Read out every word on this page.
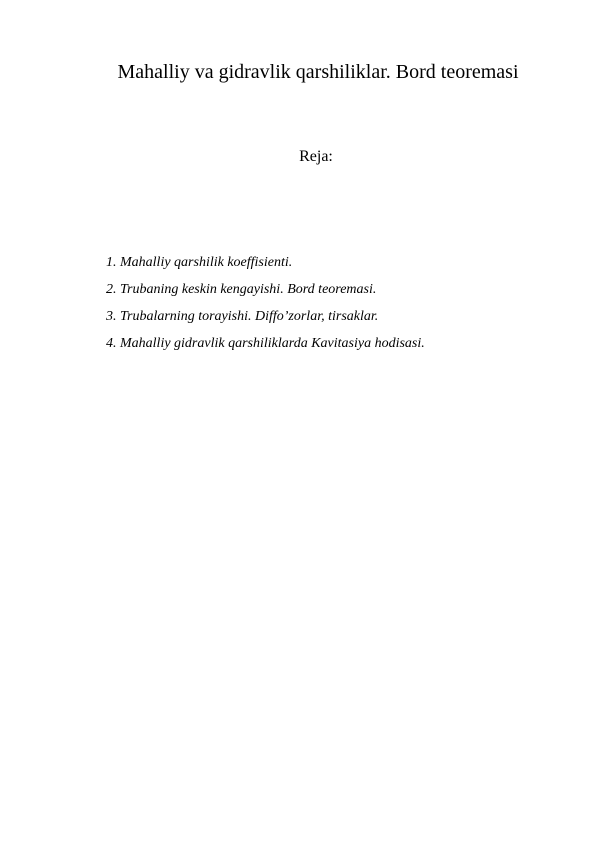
Mahalliy va gidravlik qarshiliklar. Bord teoremasi
Reja:
1. Mahalliy qarshilik koeffisienti.
2. Trubaning keskin kengayishi. Bord teoremasi.
3. Trubalarning torayishi. Diffo’zorlar, tirsaklar.
4. Mahalliy gidravlik qarshiliklarda Kavitasiya hodisasi.
